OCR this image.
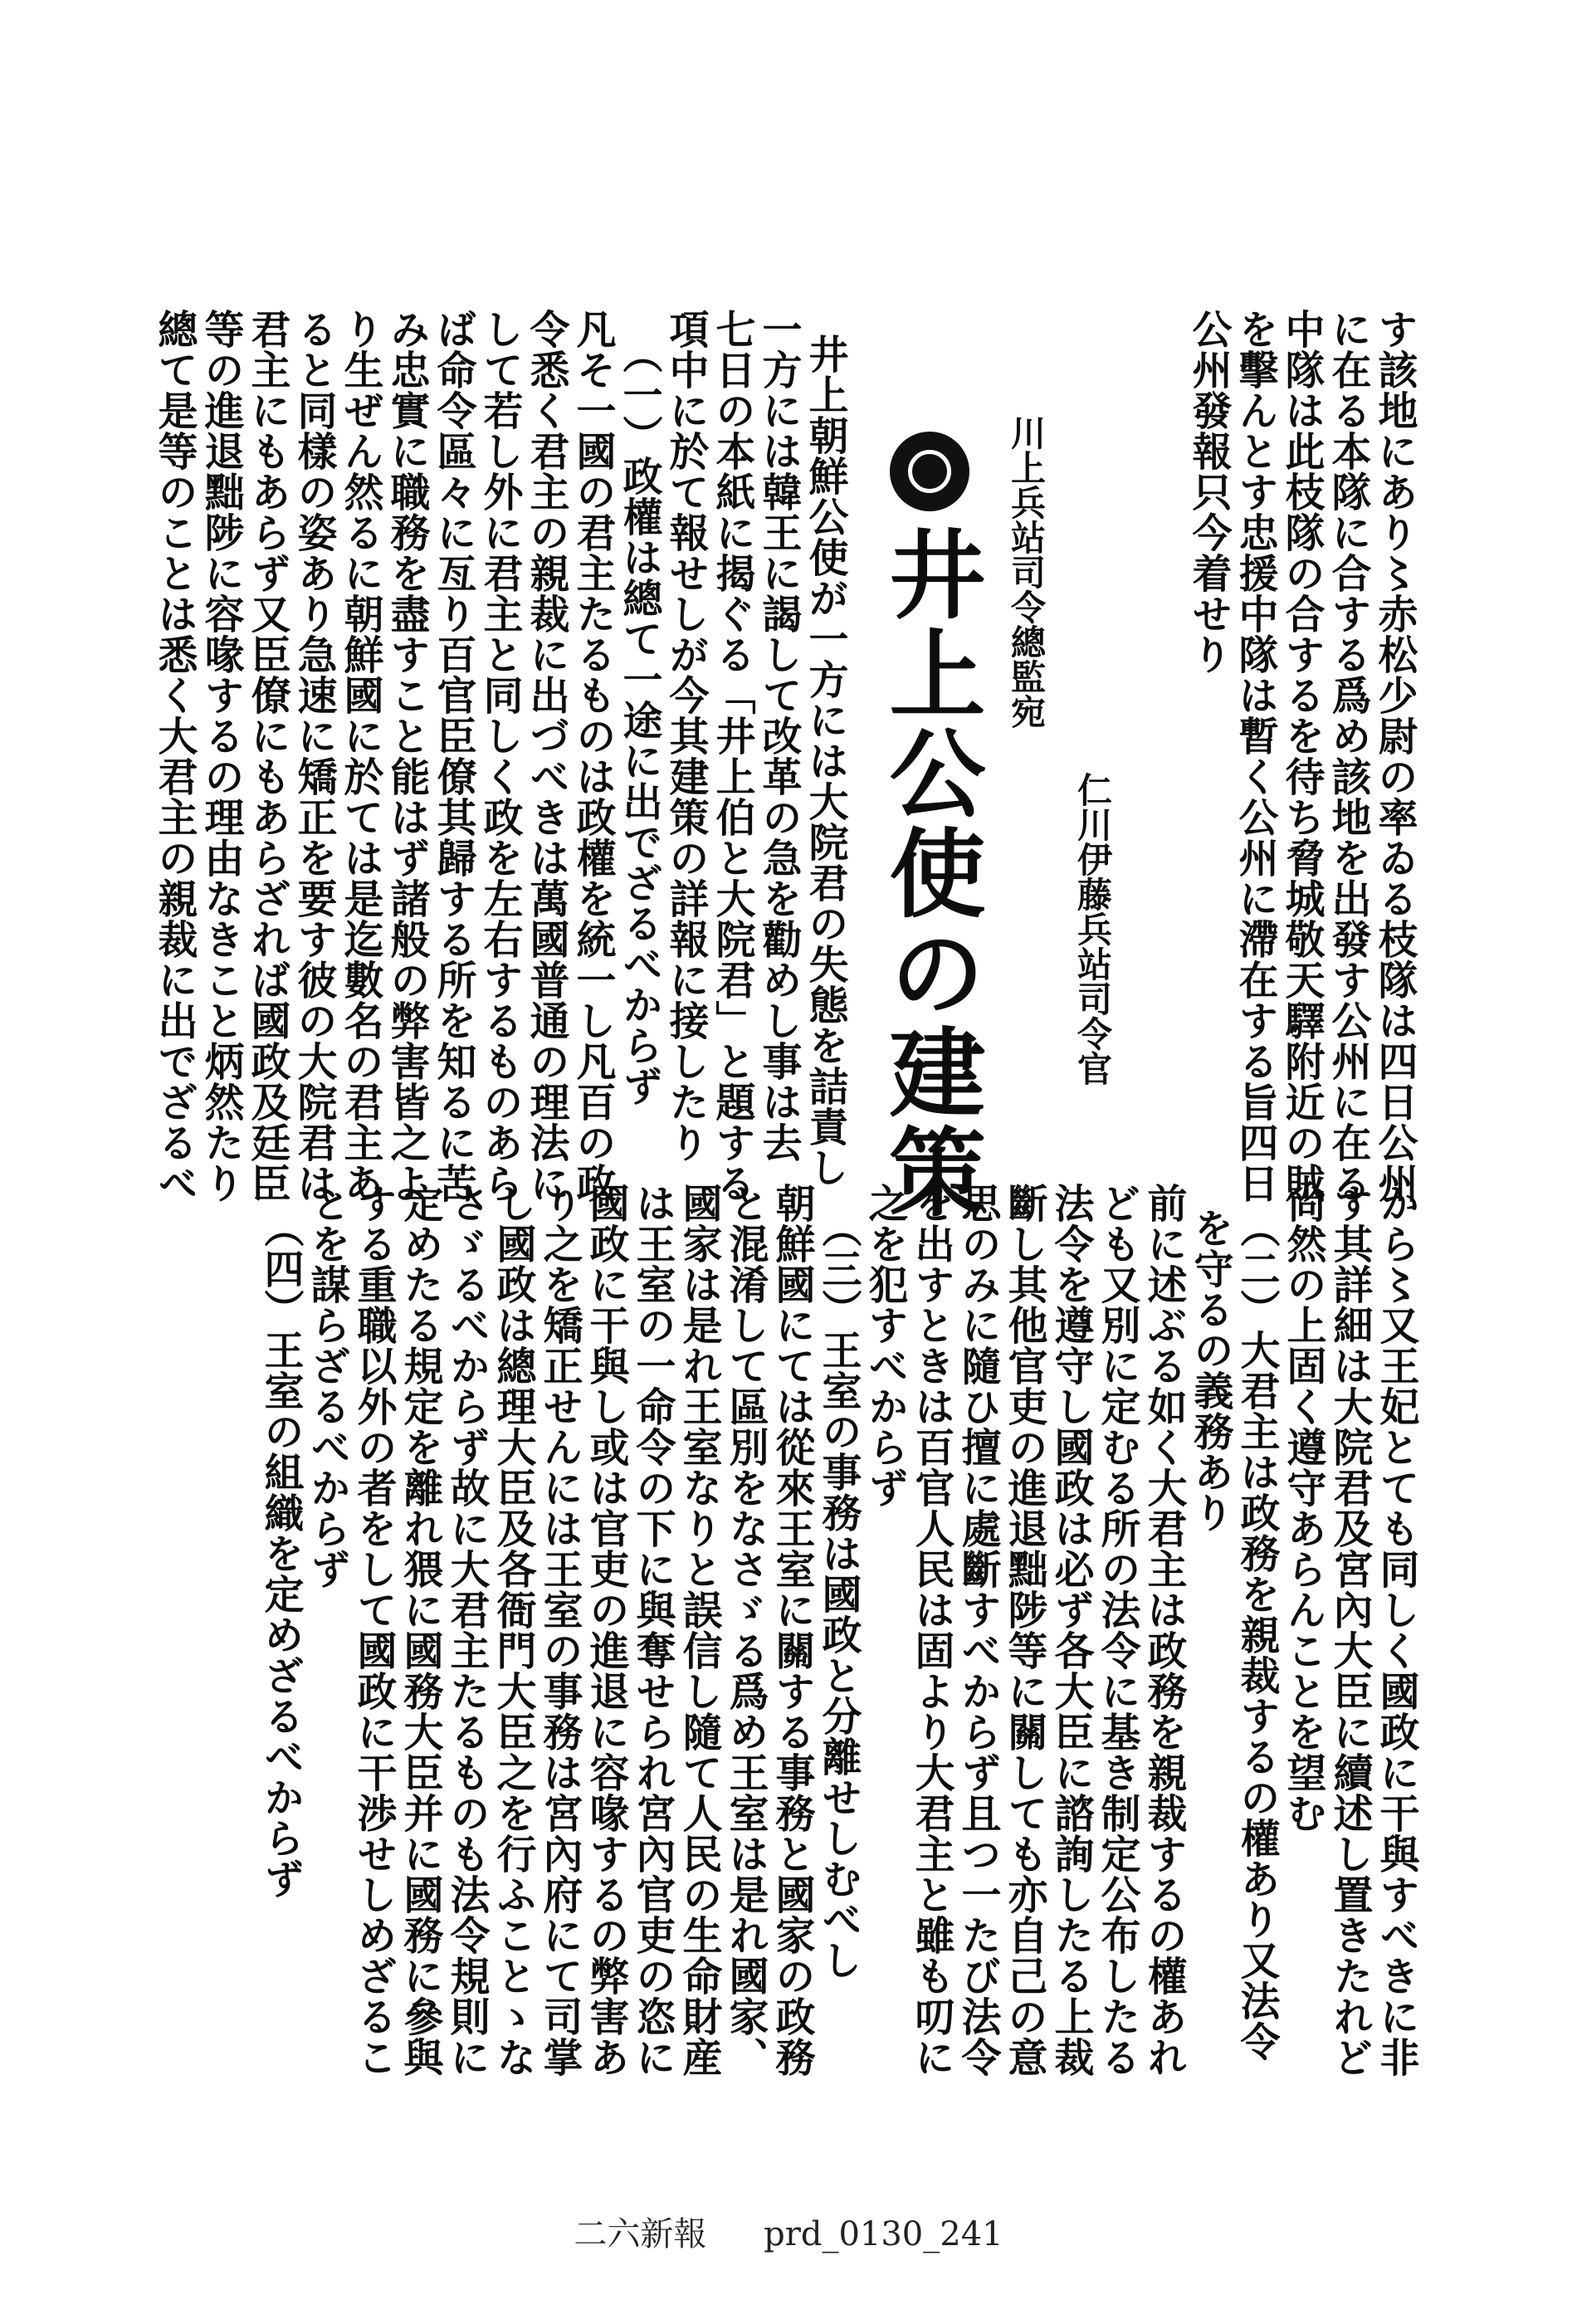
す該地にあり〻赤松少尉の率ゐる枝隊は四日公州
に在る本隊に合する爲め該地を出發す公州に在る
中隊は此枝隊の合するを待ち脅城敬天驛附近の賊
を擊んとす忠援中隊は暫く公州に滯在する旨四日
公州發報只今着せり
仁川伊藤兵站司令官
川上兵站司令總監宛
井上公使の建策
井上朝鮮公使が一方には大院君の失態を詰責し
一方には韓王に謁して改革の急を勸めし事は去
七日の本紙に揭ぐる「井上伯と大院君」と題する
項中に於て報せしが今其建策の詳報に接したり
（一）政權は總て一途に出でざるべからず
凡そ一國の君主たるものは政權を統一し凡百の政
令悉く君主の親裁に出づべきは萬國普通の理法に
して若し外に君主と同しく政を左右するものあら
ば命令區々に亙り百官臣僚其歸する所を知るに苦
み忠實に職務を盡すこと能はず諸般の弊害皆之よ
り生ぜん然るに朝鮮國に於ては是迄數名の君主あ
ると同樣の姿あり急速に矯正を要す彼の大院君は
君主にもあらず又臣僚にもあらざれば國政及廷臣
等の進退黜陟に容喙するの理由なきこと炳然たり
總て是等のことは悉く大君主の親裁に出でざるべ
から〻又王妃とても同しく國政に干與すべきに非
す其詳細は大院君及宮內大臣に續述し置きたれど
尙然の上固く遵守あらんことを望む
（二）大君主は政務を親裁するの權あり又法令
を守るの義務あり
前に述ぶる如く大君主は政務を親裁するの權あれ
ども又別に定むる所の法令に基き制定公布したる
法令を遵守し國政は必ず各大臣に諮詢したる上裁
斷し其他官吏の進退黜陟等に關しても亦自己の意
思のみに隨ひ擅に處斷すべからず且つ一たび法令
を出すときは百官人民は固より大君主と雖も叨に
之を犯すべからず
（三）王室の事務は國政と分離せしむべし
朝鮮國にては從來王室に關する事務と國家の政務
と混淆して區別をなさゞる爲め王室は是れ國家、
國家は是れ王室なりと誤信し隨て人民の生命財産
は王室の一命令の下に與奪せられ宮內官吏の恣に
國政に干與し或は官吏の進退に容喙するの弊害あ
り之を矯正せんには王室の事務は宮內府にて司掌
し國政は總理大臣及各衙門大臣之を行ふことゝな
さゞるべからず故に大君主たるものも法令規則に
定めたる規定を離れ猥に國務大臣并に國務に參與
する重職以外の者をして國政に干渉せしめざるこ
とを謀らざるべからず
（四）王室の組織を定めざるべからず
二六新報 prd_0130_241
